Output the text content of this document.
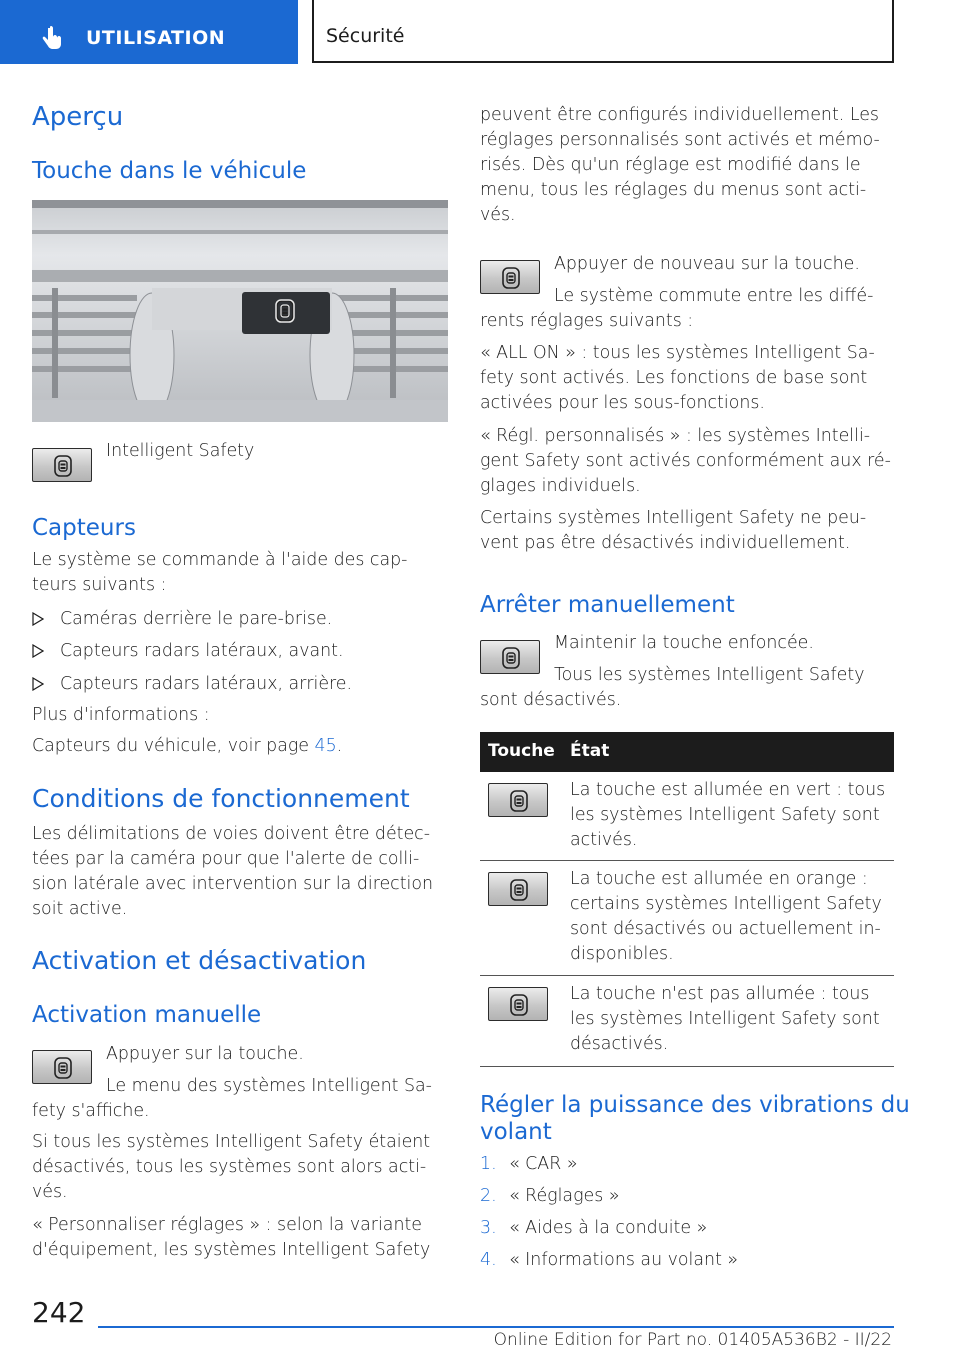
UTILISATION	Sécurité
Aperçu
Touche dans le véhicule

Intelligent Safety

Capteurs

Le système se commande à l'aide des cap-

teurs suivants :

Caméras derrière le pare-brise.
Capteurs radars latéraux, avant.
Capteurs radars latéraux, arrière.

Plus d'informations :

Capteurs du véhicule, voir page 45.

Conditions de fonctionnement

Les délimitations de voies doivent être détec-

tées par la caméra pour que l'alerte de colli-

sion latérale avec intervention sur la direction

soit active.

Activation et désactivation
Activation manuelle

Appuyer sur la touche.

Le menu des systèmes Intelligent Sa-

fety s'affiche.

Si tous les systèmes Intelligent Safety étaient

désactivés, tous les systèmes sont alors acti-

vés.

« Personnaliser réglages » : selon la variante

d'équipement, les systèmes Intelligent Safety

peuvent être configurés individuellement. Les

réglages personnalisés sont activés et mémo-

risés. Dès qu'un réglage est modifié dans le

menu, tous les réglages du menus sont acti-

vés.

Appuyer de nouveau sur la touche.

Le système commute entre les diffé-

rents réglages suivants :

« ALL ON » : tous les systèmes Intelligent Sa-

fety sont activés. Les fonctions de base sont

activées pour les sous-fonctions.

« Régl. personnalisés » : les systèmes Intelli-

gent Safety sont activés conformément aux ré-

glages individuels.

Certains systèmes Intelligent Safety ne peu-

vent pas être désactivés individuellement.

Arrêter manuellement

Maintenir la touche enfoncée.

Tous les systèmes Intelligent Safety

sont désactivés.

Touche État
La touche est allumée en vert : tous
les systèmes Intelligent Safety sont
activés.
La touche est allumée en orange :
certains systèmes Intelligent Safety
sont désactivés ou actuellement in-
disponibles.
La touche n'est pas allumée : tous
les systèmes Intelligent Safety sont
désactivés.
Régler la puissance des vibrations du
volant
1. « CAR »
2. « Réglages »
3. « Aides à la conduite »
4. « Informations au volant »
242
Online Edition for Part no. 01405A536B2 - II/22
